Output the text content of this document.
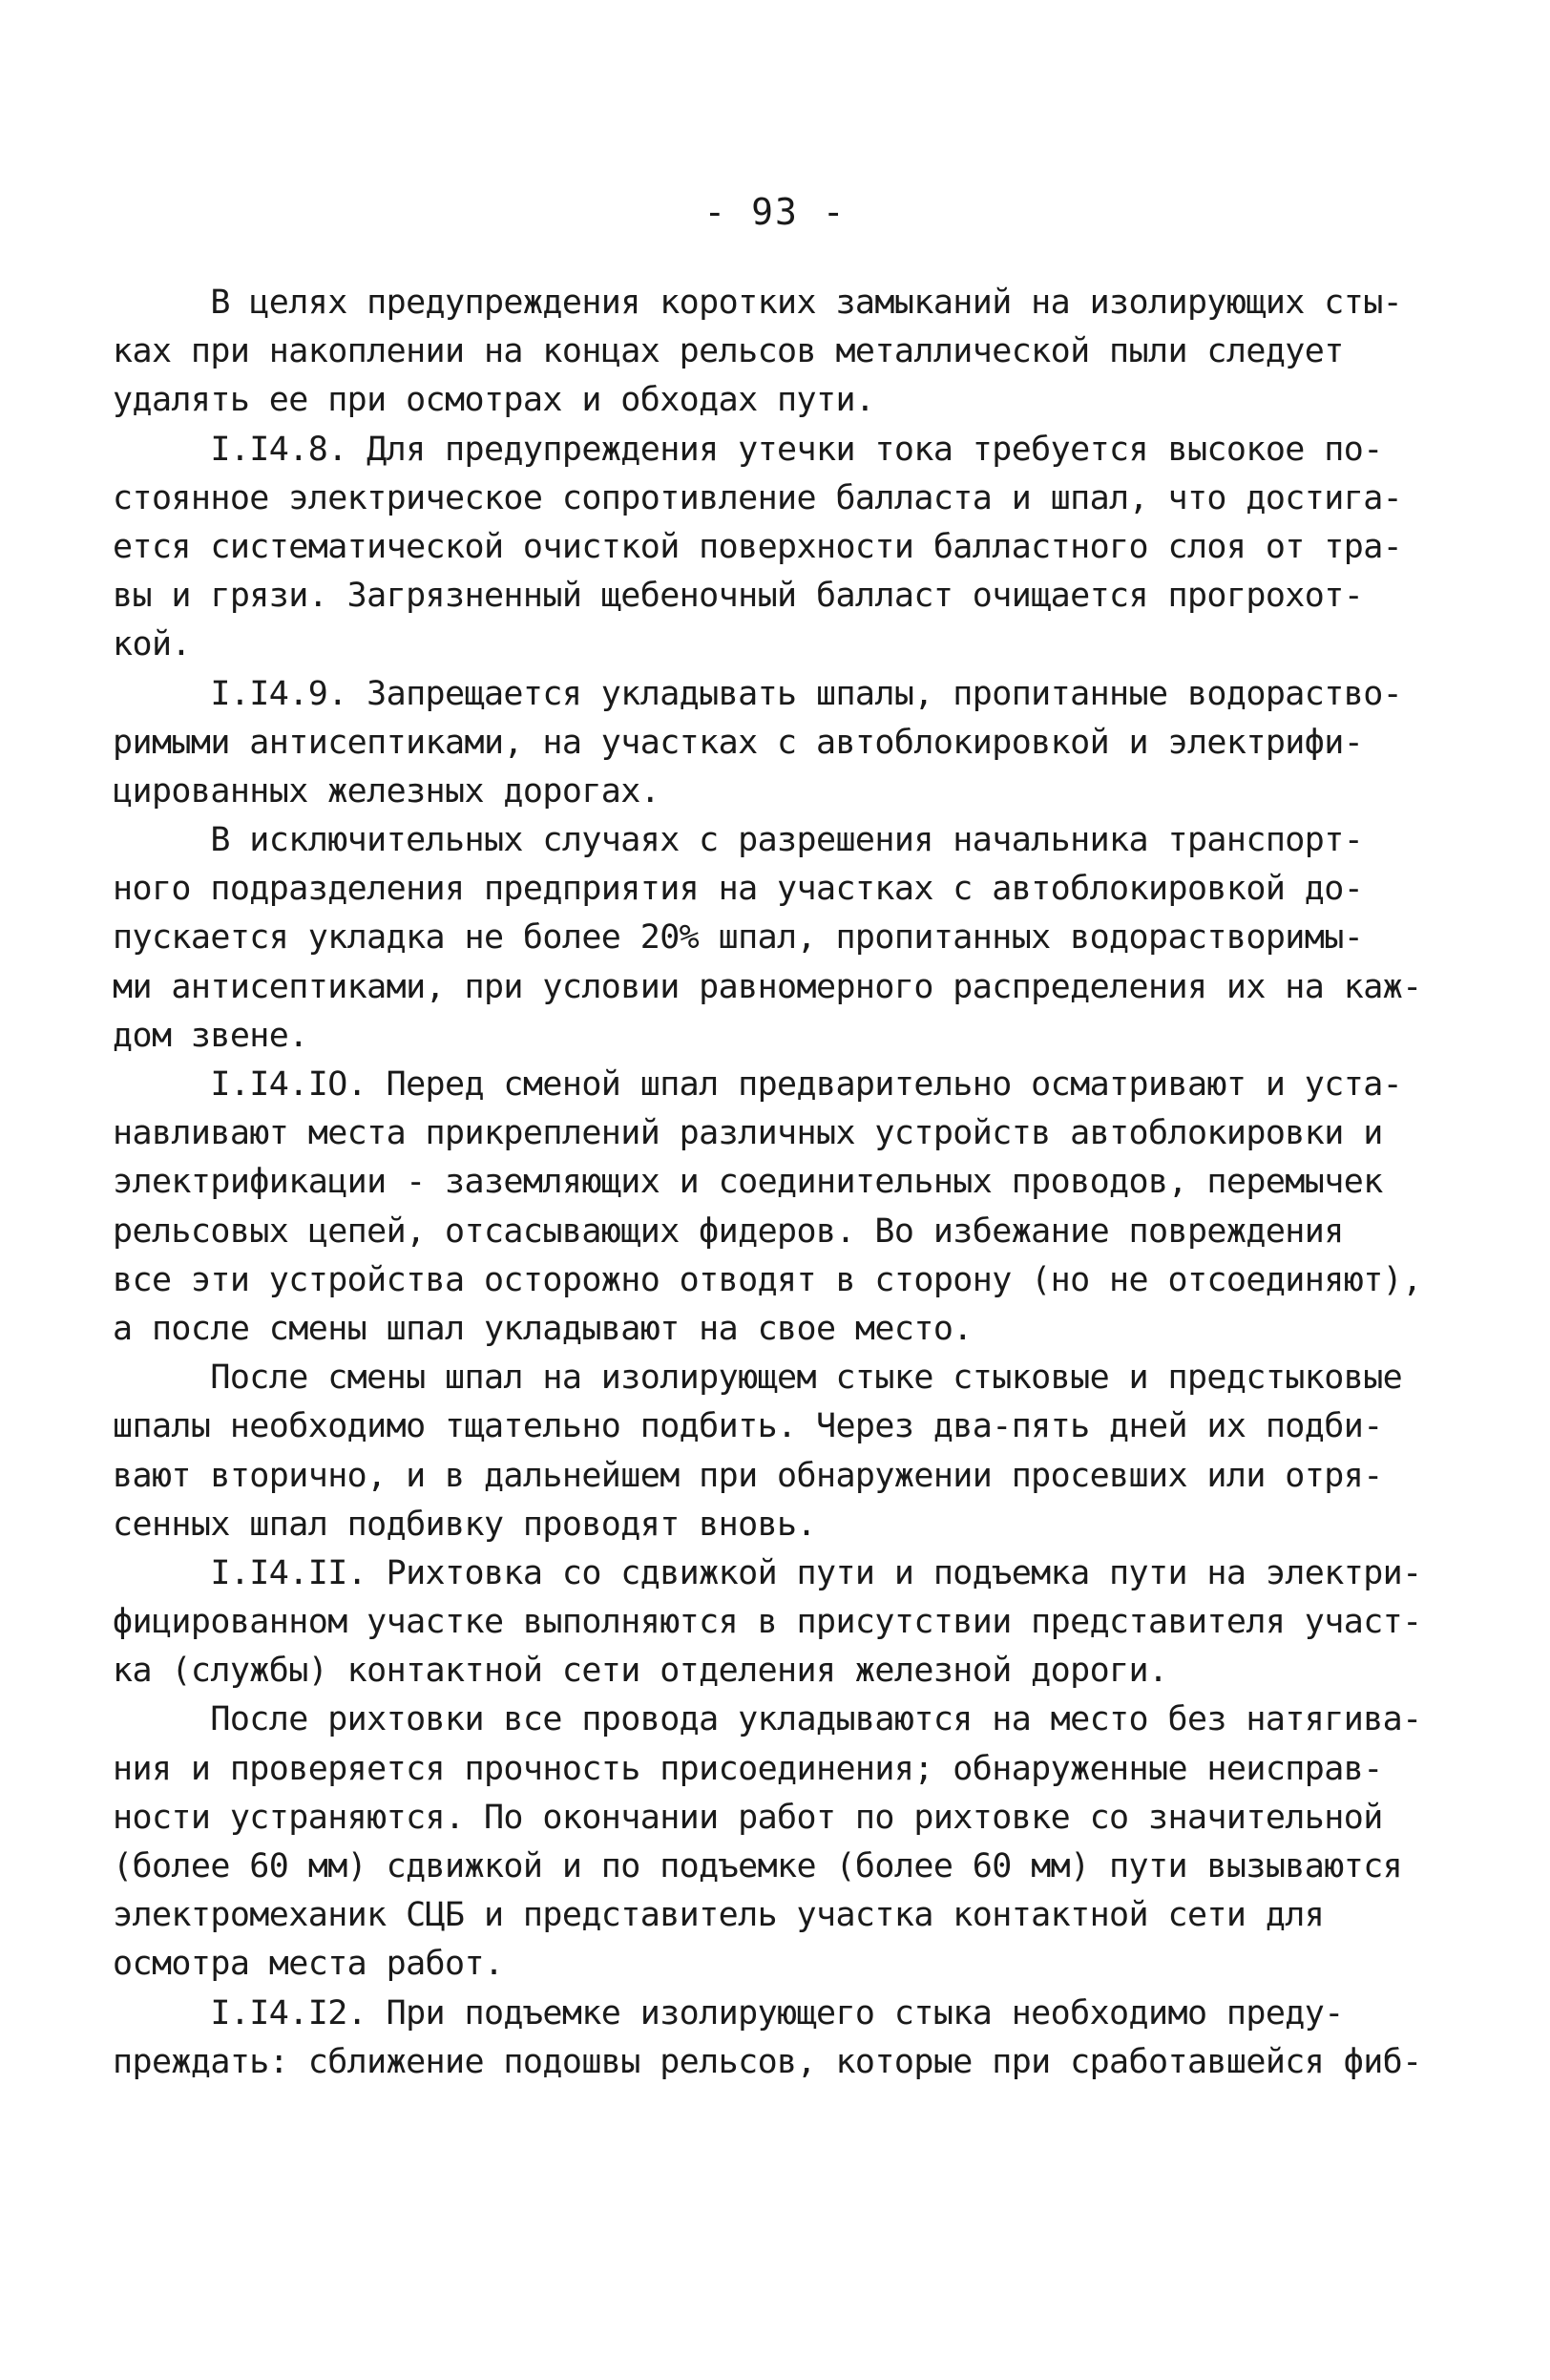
- 93 -
В целях предупреждения коротких замыканий на изолирующих сты-
ках при накоплении на концах рельсов металлической пыли следует
удалять ее при осмотрах и обходах пути.
I.I4.8. Для предупреждения утечки тока требуется высокое по-
стоянное электрическое сопротивление балласта и шпал, что достига-
ется систематической очисткой поверхности балластного слоя от тра-
вы и грязи. Загрязненный щебеночный балласт очищается прогрохот-
кой.
I.I4.9. Запрещается укладывать шпалы, пропитанные водораство-
римыми антисептиками, на участках с автоблокировкой и электрифи-
цированных железных дорогах.
В исключительных случаях с разрешения начальника транспорт-
ного подразделения предприятия на участках с автоблокировкой до-
пускается укладка не более 20% шпал, пропитанных водорастворимы-
ми антисептиками, при условии равномерного распределения их на каж-
дом звене.
I.I4.IO. Перед сменой шпал предварительно осматривают и уста-
навливают места прикреплений различных устройств автоблокировки и
электрификации - заземляющих и соединительных проводов, перемычек
рельсовых цепей, отсасывающих фидеров. Во избежание повреждения
все эти устройства осторожно отводят в сторону (но не отсоединяют),
а после смены шпал укладывают на свое место.
После смены шпал на изолирующем стыке стыковые и предстыковые
шпалы необходимо тщательно подбить. Через два-пять дней их подби-
вают вторично, и в дальнейшем при обнаружении просевших или отря-
сенных шпал подбивку проводят вновь.
I.I4.II. Рихтовка со сдвижкой пути и подъемка пути на электри-
фицированном участке выполняются в присутствии представителя участ-
ка (службы) контактной сети отделения железной дороги.
После рихтовки все провода укладываются на место без натягива-
ния и проверяется прочность присоединения; обнаруженные неисправ-
ности устраняются. По окончании работ по рихтовке со значительной
(более 60 мм) сдвижкой и по подъемке (более 60 мм) пути вызываются
электромеханик СЦБ и представитель участка контактной сети для
осмотра места работ.
I.I4.I2. При подъемке изолирующего стыка необходимо преду-
преждать: сближение подошвы рельсов, которые при сработавшейся фиб-
